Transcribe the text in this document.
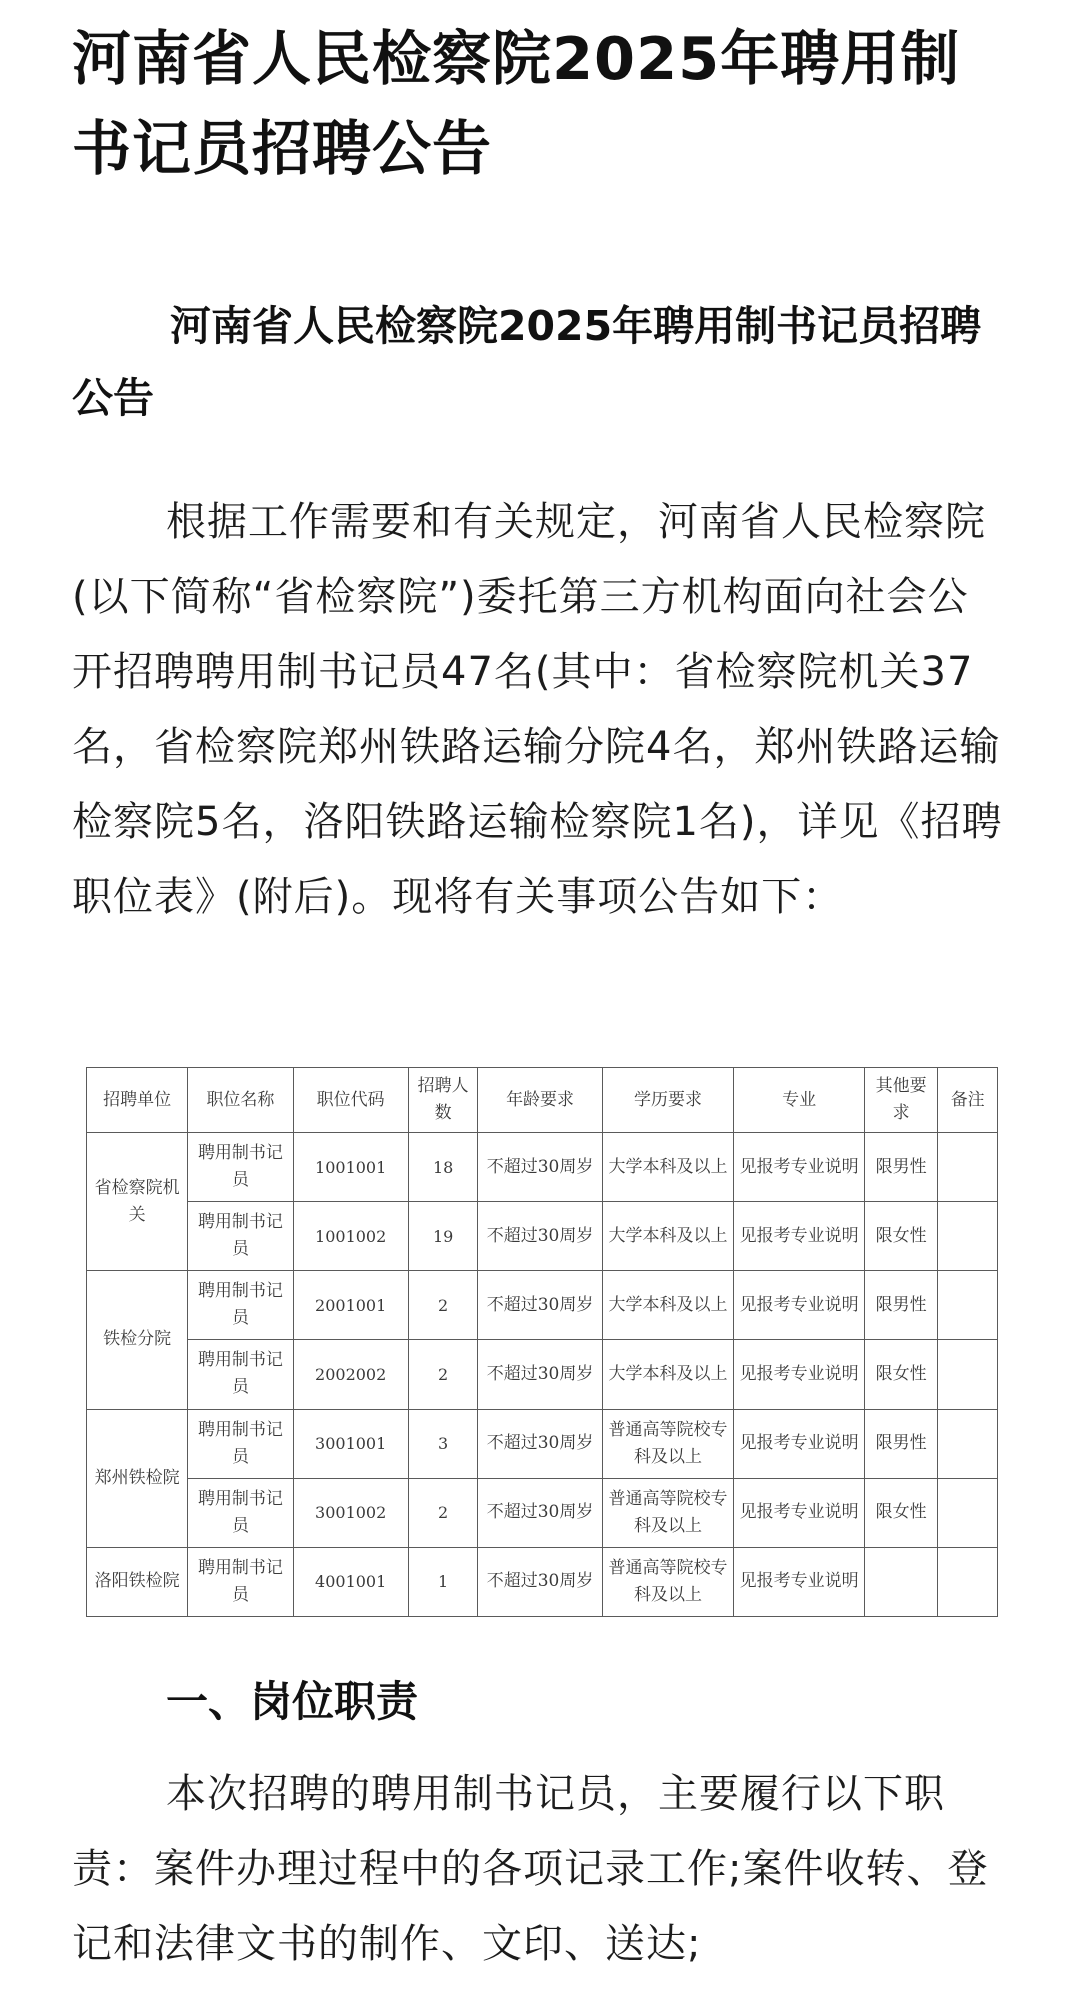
河南省人民检察院2025年聘用制书记员招聘公告

河南省人民检察院2025年聘用制书记员招聘公告

根据工作需要和有关规定，河南省人民检察院(以下简称“省检察院”)委托第三方机构面向社会公开招聘聘用制书记员47名(其中：省检察院机关37名，省检察院郑州铁路运输分院4名，郑州铁路运输检察院5名，洛阳铁路运输检察院1名)，详见《招聘职位表》(附后)。现将有关事项公告如下：

招聘单位	职位名称	职位代码	招聘人数	年龄要求	学历要求	专业	其他要求	备注
省检察院机关	聘用制书记员	1001001	18	不超过30周岁	大学本科及以上	见报考专业说明	限男性	
	聘用制书记员	1001002	19	不超过30周岁	大学本科及以上	见报考专业说明	限女性	
铁检分院	聘用制书记员	2001001	2	不超过30周岁	大学本科及以上	见报考专业说明	限男性	
	聘用制书记员	2002002	2	不超过30周岁	大学本科及以上	见报考专业说明	限女性	
郑州铁检院	聘用制书记员	3001001	3	不超过30周岁	普通高等院校专科及以上	见报考专业说明	限男性	
	聘用制书记员	3001002	2	不超过30周岁	普通高等院校专科及以上	见报考专业说明	限女性	
洛阳铁检院	聘用制书记员	4001001	1	不超过30周岁	普通高等院校专科及以上	见报考专业说明		
一、岗位职责

本次招聘的聘用制书记员，主要履行以下职责：案件办理过程中的各项记录工作;案件收转、登记和法律文书的制作、文印、送达;
